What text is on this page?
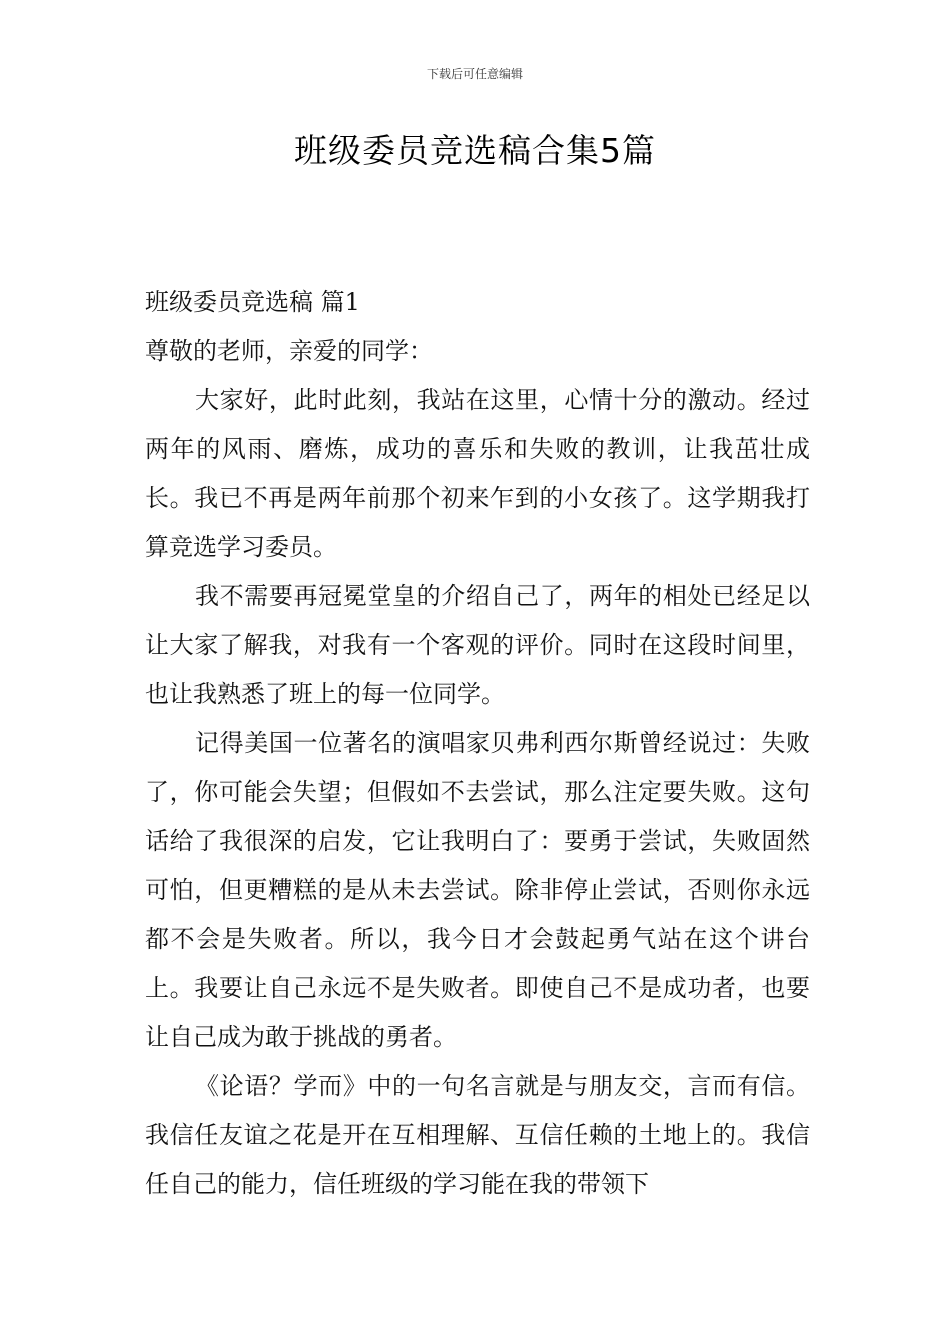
下载后可任意编辑
班级委员竞选稿合集5篇

班级委员竞选稿 篇1

尊敬的老师，亲爱的同学：

大家好，此时此刻，我站在这里，心情十分的激动。经过两年的风雨、磨炼，成功的喜乐和失败的教训，让我茁壮成长。我已不再是两年前那个初来乍到的小女孩了。这学期我打算竞选学习委员。

我不需要再冠冕堂皇的介绍自己了，两年的相处已经足以让大家了解我，对我有一个客观的评价。同时在这段时间里，也让我熟悉了班上的每一位同学。

记得美国一位著名的演唱家贝弗利西尔斯曾经说过：失败了，你可能会失望；但假如不去尝试，那么注定要失败。这句话给了我很深的启发，它让我明白了：要勇于尝试，失败固然可怕，但更糟糕的是从未去尝试。除非停止尝试，否则你永远都不会是失败者。所以，我今日才会鼓起勇气站在这个讲台上。我要让自己永远不是失败者。即使自己不是成功者，也要让自己成为敢于挑战的勇者。

《论语？学而》中的一句名言就是与朋友交，言而有信。我信任友谊之花是开在互相理解、互信任赖的土地上的。我信任自己的能力，信任班级的学习能在我的带领下
